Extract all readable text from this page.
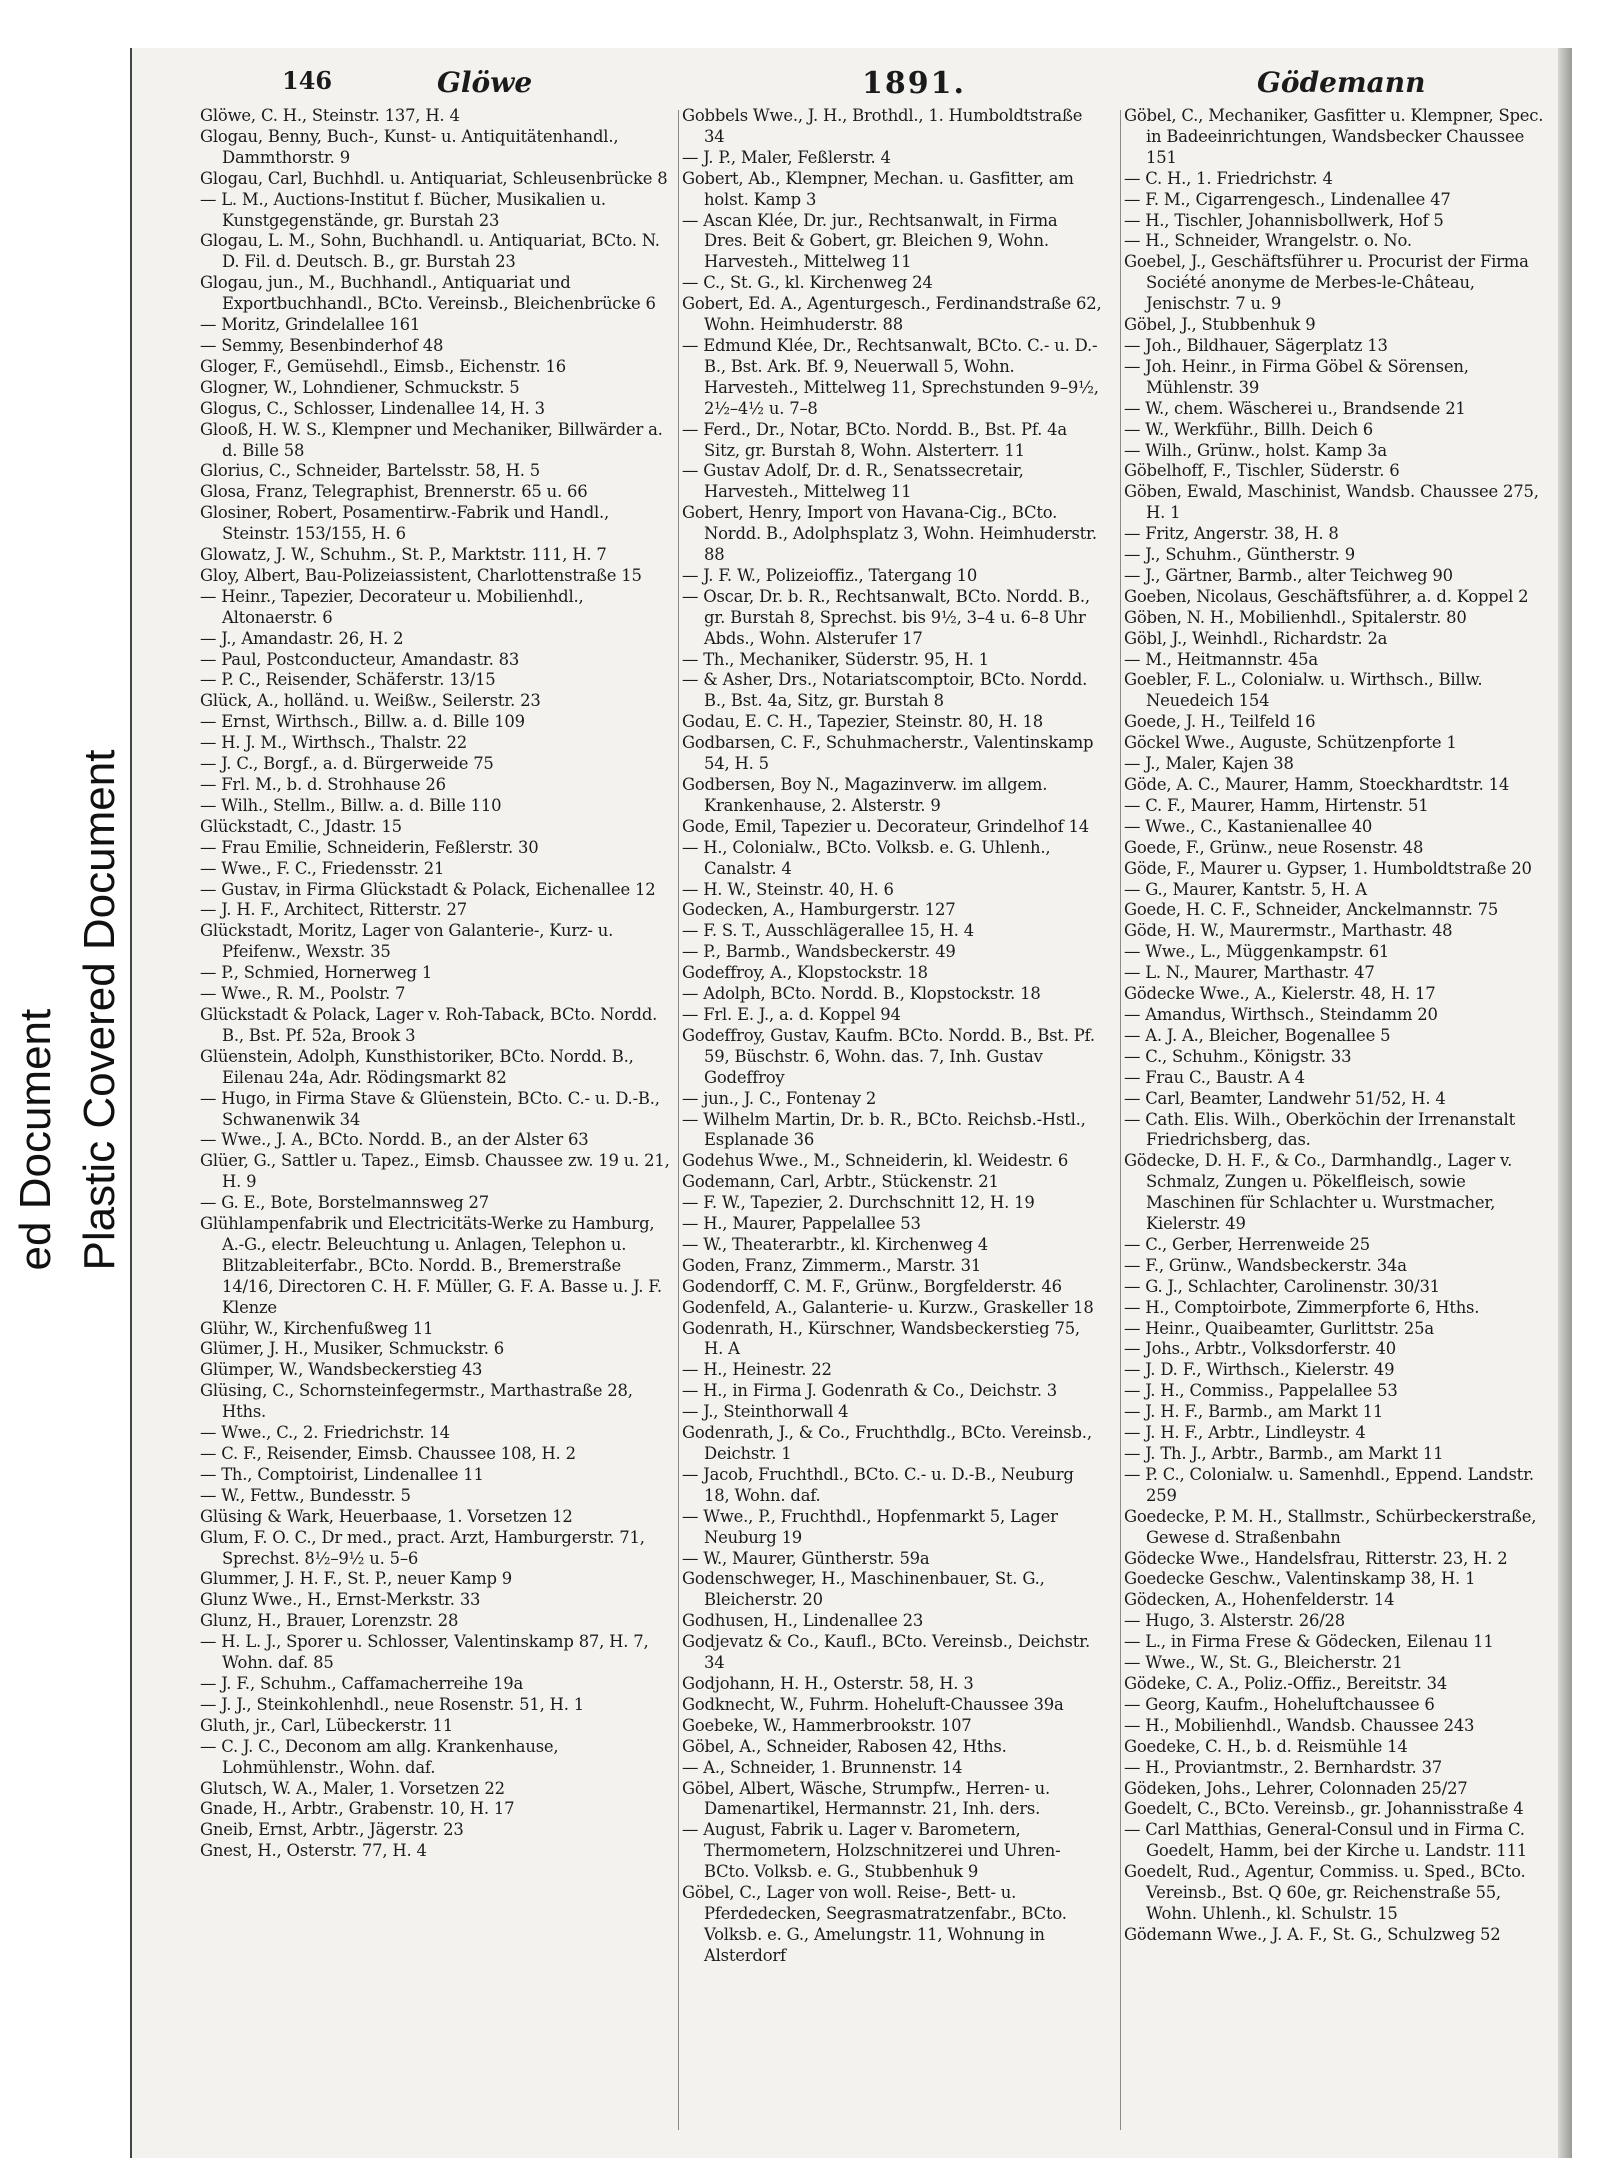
ed Document Plastic Covered Document
146	Glöwe	1891.	Gödemann

Glöwe, C. H., Steinstr. 137, H. 4

Glogau, Benny, Buch-, Kunst- u. Antiquitätenhandl., Dammthorstr. 9

Glogau, Carl, Buchhdl. u. Antiquariat, Schleusenbrücke 8

— L. M., Auctions-Institut f. Bücher, Musikalien u. Kunstgegenstände, gr. Burstah 23

Glogau, L. M., Sohn, Buchhandl. u. Antiquariat, BCto. N. D. Fil. d. Deutsch. B., gr. Burstah 23

Glogau, jun., M., Buchhandl., Antiquariat und Exportbuchhandl., BCto. Vereinsb., Bleichenbrücke 6

— Moritz, Grindelallee 161

— Semmy, Besenbinderhof 48

Gloger, F., Gemüsehdl., Eimsb., Eichenstr. 16

Glogner, W., Lohndiener, Schmuckstr. 5

Glogus, C., Schlosser, Lindenallee 14, H. 3

Glooß, H. W. S., Klempner und Mechaniker, Billwärder a. d. Bille 58

Glorius, C., Schneider, Bartelsstr. 58, H. 5

Glosa, Franz, Telegraphist, Brennerstr. 65 u. 66

Glosiner, Robert, Posamentirw.-Fabrik und Handl., Steinstr. 153/155, H. 6

Glowatz, J. W., Schuhm., St. P., Marktstr. 111, H. 7

Gloy, Albert, Bau-Polizeiassistent, Charlottenstraße 15

— Heinr., Tapezier, Decorateur u. Mobilienhdl., Altonaerstr. 6

— J., Amandastr. 26, H. 2

— Paul, Postconducteur, Amandastr. 83

— P. C., Reisender, Schäferstr. 13/15

Glück, A., holländ. u. Weißw., Seilerstr. 23

— Ernst, Wirthsch., Billw. a. d. Bille 109

— H. J. M., Wirthsch., Thalstr. 22

— J. C., Borgf., a. d. Bürgerweide 75

— Frl. M., b. d. Strohhause 26

— Wilh., Stellm., Billw. a. d. Bille 110

Glückstadt, C., Jdastr. 15

— Frau Emilie, Schneiderin, Feßlerstr. 30

— Wwe., F. C., Friedensstr. 21

— Gustav, in Firma Glückstadt & Polack, Eichenallee 12

— J. H. F., Architect, Ritterstr. 27

Glückstadt, Moritz, Lager von Galanterie-, Kurz- u. Pfeifenw., Wexstr. 35

— P., Schmied, Hornerweg 1

— Wwe., R. M., Poolstr. 7

Glückstadt & Polack, Lager v. Roh-Taback, BCto. Nordd. B., Bst. Pf. 52a, Brook 3

Glüenstein, Adolph, Kunsthistoriker, BCto. Nordd. B., Eilenau 24a, Adr. Rödingsmarkt 82

— Hugo, in Firma Stave & Glüenstein, BCto. C.- u. D.-B., Schwanenwik 34

— Wwe., J. A., BCto. Nordd. B., an der Alster 63

Glüer, G., Sattler u. Tapez., Eimsb. Chaussee zw. 19 u. 21, H. 9

— G. E., Bote, Borstelmannsweg 27

Glühlampenfabrik und Electricitäts-Werke zu Hamburg, A.-G., electr. Beleuchtung u. Anlagen, Telephon u. Blitzableiterfabr., BCto. Nordd. B., Bremerstraße 14/16, Directoren C. H. F. Müller, G. F. A. Basse u. J. F. Klenze

Glühr, W., Kirchenfußweg 11

Glümer, J. H., Musiker, Schmuckstr. 6

Glümper, W., Wandsbeckerstieg 43

Glüsing, C., Schornsteinfegermstr., Marthastraße 28, Hths.

— Wwe., C., 2. Friedrichstr. 14

— C. F., Reisender, Eimsb. Chaussee 108, H. 2

— Th., Comptoirist, Lindenallee 11

— W., Fettw., Bundesstr. 5

Glüsing & Wark, Heuerbaase, 1. Vorsetzen 12

Glum, F. O. C., Dr med., pract. Arzt, Hamburgerstr. 71, Sprechst. 8½–9½ u. 5–6

Glummer, J. H. F., St. P., neuer Kamp 9

Glunz Wwe., H., Ernst-Merkstr. 33

Glunz, H., Brauer, Lorenzstr. 28

— H. L. J., Sporer u. Schlosser, Valentinskamp 87, H. 7, Wohn. daf. 85

— J. F., Schuhm., Caffamacherreihe 19a

— J. J., Steinkohlenhdl., neue Rosenstr. 51, H. 1

Gluth, jr., Carl, Lübeckerstr. 11

— C. J. C., Deconom am allg. Krankenhause, Lohmühlenstr., Wohn. daf.

Glutsch, W. A., Maler, 1. Vorsetzen 22

Gnade, H., Arbtr., Grabenstr. 10, H. 17

Gneib, Ernst, Arbtr., Jägerstr. 23

Gnest, H., Osterstr. 77, H. 4

Gobbels Wwe., J. H., Brothdl., 1. Humboldtstraße 34

— J. P., Maler, Feßlerstr. 4

Gobert, Ab., Klempner, Mechan. u. Gasfitter, am holst. Kamp 3

— Ascan Klée, Dr. jur., Rechtsanwalt, in Firma Dres. Beit & Gobert, gr. Bleichen 9, Wohn. Harvesteh., Mittelweg 11

— C., St. G., kl. Kirchenweg 24

Gobert, Ed. A., Agenturgesch., Ferdinandstraße 62, Wohn. Heimhuderstr. 88

— Edmund Klée, Dr., Rechtsanwalt, BCto. C.- u. D.-B., Bst. Ark. Bf. 9, Neuerwall 5, Wohn. Harvesteh., Mittelweg 11, Sprechstunden 9–9½, 2½–4½ u. 7–8

— Ferd., Dr., Notar, BCto. Nordd. B., Bst. Pf. 4a Sitz, gr. Burstah 8, Wohn. Alsterterr. 11

— Gustav Adolf, Dr. d. R., Senatssecretair, Harvesteh., Mittelweg 11

Gobert, Henry, Import von Havana-Cig., BCto. Nordd. B., Adolphsplatz 3, Wohn. Heimhuderstr. 88

— J. F. W., Polizeioffiz., Tatergang 10

— Oscar, Dr. b. R., Rechtsanwalt, BCto. Nordd. B., gr. Burstah 8, Sprechst. bis 9½, 3–4 u. 6–8 Uhr Abds., Wohn. Alsterufer 17

— Th., Mechaniker, Süderstr. 95, H. 1

— & Asher, Drs., Notariatscomptoir, BCto. Nordd. B., Bst. 4a, Sitz, gr. Burstah 8

Godau, E. C. H., Tapezier, Steinstr. 80, H. 18

Godbarsen, C. F., Schuhmacherstr., Valentinskamp 54, H. 5

Godbersen, Boy N., Magazinverw. im allgem. Krankenhause, 2. Alsterstr. 9

Gode, Emil, Tapezier u. Decorateur, Grindelhof 14

— H., Colonialw., BCto. Volksb. e. G. Uhlenh., Canalstr. 4

— H. W., Steinstr. 40, H. 6

Godecken, A., Hamburgerstr. 127

— F. S. T., Ausschlägerallee 15, H. 4

— P., Barmb., Wandsbeckerstr. 49

Godeffroy, A., Klopstockstr. 18

— Adolph, BCto. Nordd. B., Klopstockstr. 18

— Frl. E. J., a. d. Koppel 94

Godeffroy, Gustav, Kaufm. BCto. Nordd. B., Bst. Pf. 59, Büschstr. 6, Wohn. das. 7, Inh. Gustav Godeffroy

— jun., J. C., Fontenay 2

— Wilhelm Martin, Dr. b. R., BCto. Reichsb.-Hstl., Esplanade 36

Godehus Wwe., M., Schneiderin, kl. Weidestr. 6

Godemann, Carl, Arbtr., Stückenstr. 21

— F. W., Tapezier, 2. Durchschnitt 12, H. 19

— H., Maurer, Pappelallee 53

— W., Theaterarbtr., kl. Kirchenweg 4

Goden, Franz, Zimmerm., Marstr. 31

Godendorff, C. M. F., Grünw., Borgfelderstr. 46

Godenfeld, A., Galanterie- u. Kurzw., Graskeller 18

Godenrath, H., Kürschner, Wandsbeckerstieg 75, H. A

— H., Heinestr. 22

— H., in Firma J. Godenrath & Co., Deichstr. 3

— J., Steinthorwall 4

Godenrath, J., & Co., Fruchthdlg., BCto. Vereinsb., Deichstr. 1

— Jacob, Fruchthdl., BCto. C.- u. D.-B., Neuburg 18, Wohn. daf.

— Wwe., P., Fruchthdl., Hopfenmarkt 5, Lager Neuburg 19

— W., Maurer, Güntherstr. 59a

Godenschweger, H., Maschinenbauer, St. G., Bleicherstr. 20

Godhusen, H., Lindenallee 23

Godjevatz & Co., Kaufl., BCto. Vereinsb., Deichstr. 34

Godjohann, H. H., Osterstr. 58, H. 3

Godknecht, W., Fuhrm. Hoheluft-Chaussee 39a

Goebeke, W., Hammerbrookstr. 107

Göbel, A., Schneider, Rabosen 42, Hths.

— A., Schneider, 1. Brunnenstr. 14

Göbel, Albert, Wäsche, Strumpfw., Herren- u. Damenartikel, Hermannstr. 21, Inh. ders.

— August, Fabrik u. Lager v. Barometern, Thermometern, Holzschnitzerei und Uhren-BCto. Volksb. e. G., Stubbenhuk 9

Göbel, C., Lager von woll. Reise-, Bett- u. Pferdedecken, Seegrasmatratzenfabr., BCto. Volksb. e. G., Amelungstr. 11, Wohnung in Alsterdorf

Göbel, C., Mechaniker, Gasfitter u. Klempner, Spec. in Badeeinrichtungen, Wandsbecker Chaussee 151

— C. H., 1. Friedrichstr. 4

— F. M., Cigarrengesch., Lindenallee 47

— H., Tischler, Johannisbollwerk, Hof 5

— H., Schneider, Wrangelstr. o. No.

Goebel, J., Geschäftsführer u. Procurist der Firma Société anonyme de Merbes-le-Château, Jenischstr. 7 u. 9

Göbel, J., Stubbenhuk 9

— Joh., Bildhauer, Sägerplatz 13

— Joh. Heinr., in Firma Göbel & Sörensen, Mühlenstr. 39

— W., chem. Wäscherei u., Brandsende 21

— W., Werkführ., Billh. Deich 6

— Wilh., Grünw., holst. Kamp 3a

Göbelhoff, F., Tischler, Süderstr. 6

Göben, Ewald, Maschinist, Wandsb. Chaussee 275, H. 1

— Fritz, Angerstr. 38, H. 8

— J., Schuhm., Güntherstr. 9

— J., Gärtner, Barmb., alter Teichweg 90

Goeben, Nicolaus, Geschäftsführer, a. d. Koppel 2

Göben, N. H., Mobilienhdl., Spitalerstr. 80

Göbl, J., Weinhdl., Richardstr. 2a

— M., Heitmannstr. 45a

Goebler, F. L., Colonialw. u. Wirthsch., Billw. Neuedeich 154

Goede, J. H., Teilfeld 16

Göckel Wwe., Auguste, Schützenpforte 1

— J., Maler, Kajen 38

Göde, A. C., Maurer, Hamm, Stoeckhardtstr. 14

— C. F., Maurer, Hamm, Hirtenstr. 51

— Wwe., C., Kastanienallee 40

Goede, F., Grünw., neue Rosenstr. 48

Göde, F., Maurer u. Gypser, 1. Humboldtstraße 20

— G., Maurer, Kantstr. 5, H. A

Goede, H. C. F., Schneider, Anckelmannstr. 75

Göde, H. W., Maurermstr., Marthastr. 48

— Wwe., L., Müggenkampstr. 61

— L. N., Maurer, Marthastr. 47

Gödecke Wwe., A., Kielerstr. 48, H. 17

— Amandus, Wirthsch., Steindamm 20

— A. J. A., Bleicher, Bogenallee 5

— C., Schuhm., Königstr. 33

— Frau C., Baustr. A 4

— Carl, Beamter, Landwehr 51/52, H. 4

— Cath. Elis. Wilh., Oberköchin der Irrenanstalt Friedrichsberg, das.

Gödecke, D. H. F., & Co., Darmhandlg., Lager v. Schmalz, Zungen u. Pökelfleisch, sowie Maschinen für Schlachter u. Wurstmacher, Kielerstr. 49

— C., Gerber, Herrenweide 25

— F., Grünw., Wandsbeckerstr. 34a

— G. J., Schlachter, Carolinenstr. 30/31

— H., Comptoirbote, Zimmerpforte 6, Hths.

— Heinr., Quaibeamter, Gurlittstr. 25a

— Johs., Arbtr., Volksdorferstr. 40

— J. D. F., Wirthsch., Kielerstr. 49

— J. H., Commiss., Pappelallee 53

— J. H. F., Barmb., am Markt 11

— J. H. F., Arbtr., Lindleystr. 4

— J. Th. J., Arbtr., Barmb., am Markt 11

— P. C., Colonialw. u. Samenhdl., Eppend. Landstr. 259

Goedecke, P. M. H., Stallmstr., Schürbeckerstraße, Gewese d. Straßenbahn

Gödecke Wwe., Handelsfrau, Ritterstr. 23, H. 2

Goedecke Geschw., Valentinskamp 38, H. 1

Gödecken, A., Hohenfelderstr. 14

— Hugo, 3. Alsterstr. 26/28

— L., in Firma Frese & Gödecken, Eilenau 11

— Wwe., W., St. G., Bleicherstr. 21

Gödeke, C. A., Poliz.-Offiz., Bereitstr. 34

— Georg, Kaufm., Hoheluftchaussee 6

— H., Mobilienhdl., Wandsb. Chaussee 243

Goedeke, C. H., b. d. Reismühle 14

— H., Proviantmstr., 2. Bernhardstr. 37

Gödeken, Johs., Lehrer, Colonnaden 25/27

Goedelt, C., BCto. Vereinsb., gr. Johannisstraße 4

— Carl Matthias, General-Consul und in Firma C. Goedelt, Hamm, bei der Kirche u. Landstr. 111

Goedelt, Rud., Agentur, Commiss. u. Sped., BCto. Vereinsb., Bst. Q 60e, gr. Reichenstraße 55, Wohn. Uhlenh., kl. Schulstr. 15

Gödemann Wwe., J. A. F., St. G., Schulzweg 52
